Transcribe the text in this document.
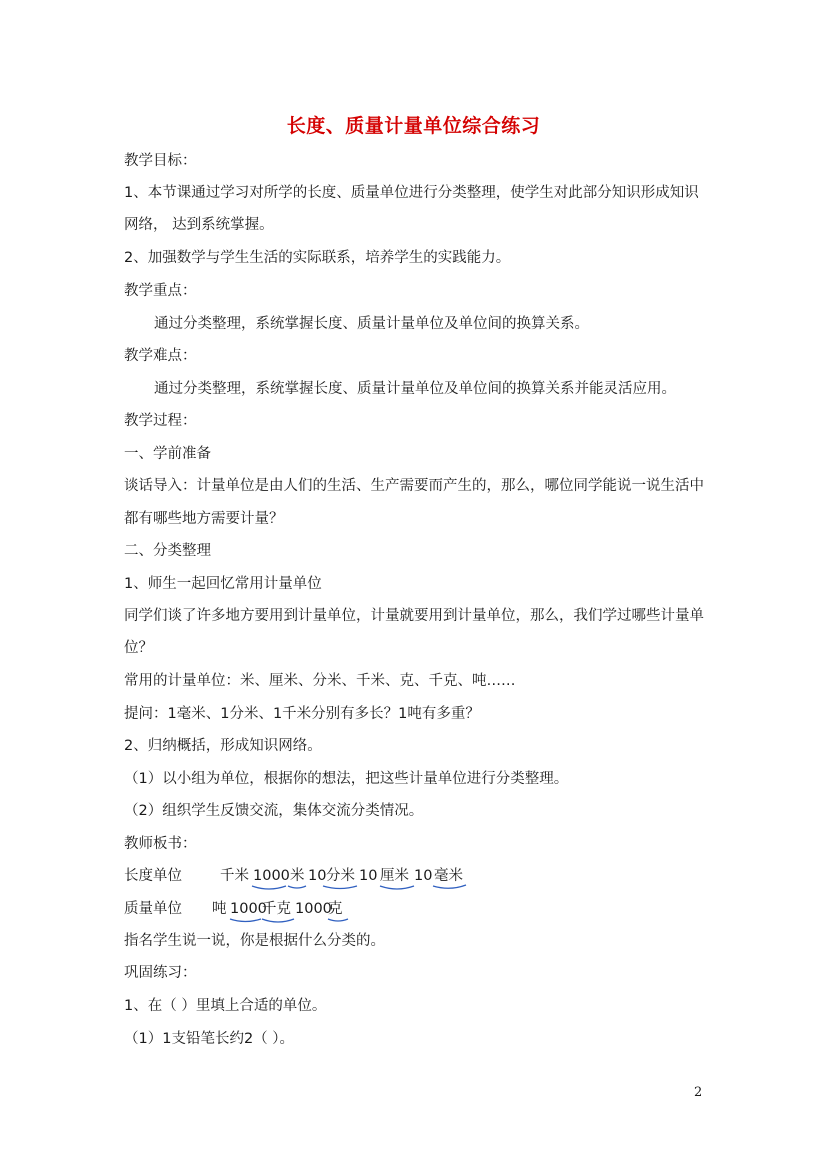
长度、质量计量单位综合练习
教学目标：
1、本节课通过学习对所学的长度、质量单位进行分类整理，使学生对此部分知识形成知识
网络， 达到系统掌握。
2、加强数学与学生生活的实际联系，培养学生的实践能力。
教学重点：
通过分类整理，系统掌握长度、质量计量单位及单位间的换算关系。
教学难点：
通过分类整理，系统掌握长度、质量计量单位及单位间的换算关系并能灵活应用。
教学过程：
一、学前准备
谈话导入：计量单位是由人们的生活、生产需要而产生的，那么，哪位同学能说一说生活中
都有哪些地方需要计量？
二、分类整理
1、师生一起回忆常用计量单位
同学们谈了许多地方要用到计量单位，计量就要用到计量单位，那么，我们学过哪些计量单
位？
常用的计量单位：米、厘米、分米、千米、克、千克、吨……
提问：1毫米、1分米、1千米分别有多长？1吨有多重？
2、归纳概括，形成知识网络。
（1）以小组为单位，根据你的想法，把这些计量单位进行分类整理。
（2）组织学生反馈交流，集体交流分类情况。
教师板书：
长度单位	千米 1000 米 10 分米 10 厘米 10 毫米
质量单位 吨 1000
千克 1000
克
指名学生说一说，你是根据什么分类的。
巩固练习：
1、在（ ）里填上合适的单位。
（1）1支铅笔长约2（ ）。
2
